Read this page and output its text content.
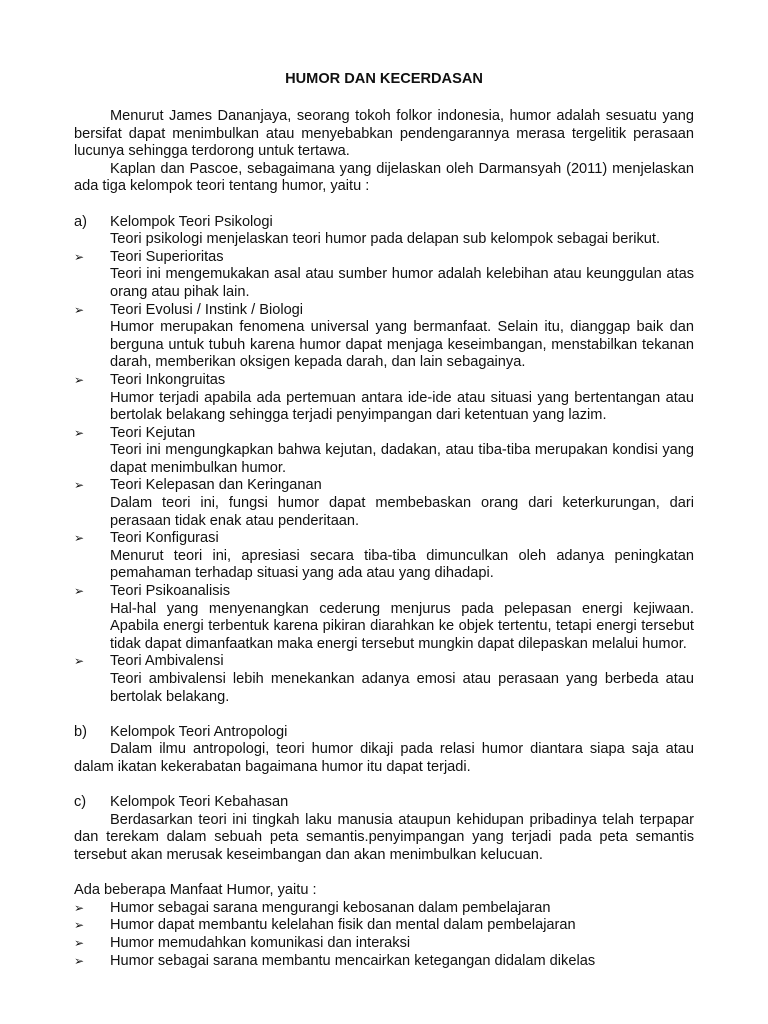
HUMOR DAN KECERDASAN

Menurut James Dananjaya, seorang tokoh folkor indonesia, humor adalah sesuatu yang bersifat dapat menimbulkan atau menyebabkan pendengarannya merasa tergelitik perasaan lucunya sehingga terdorong untuk tertawa.

Kaplan dan Pascoe, sebagaimana yang dijelaskan oleh Darmansyah (2011) menjelaskan ada tiga kelompok teori tentang humor, yaitu :

a)	Kelompok Teori Psikologi

Teori psikologi menjelaskan teori humor pada delapan sub kelompok sebagai berikut.

➢	Teori Superioritas

Teori ini mengemukakan asal atau sumber humor adalah kelebihan atau keunggulan atas orang atau pihak lain.

➢	Teori Evolusi / Instink / Biologi

Humor merupakan fenomena universal yang bermanfaat. Selain itu, dianggap baik dan berguna untuk tubuh karena humor dapat menjaga keseimbangan, menstabilkan tekanan darah, memberikan oksigen kepada darah, dan lain sebagainya.

➢	Teori Inkongruitas

Humor terjadi apabila ada pertemuan antara ide-ide atau situasi yang bertentangan atau bertolak belakang sehingga terjadi penyimpangan dari ketentuan yang lazim.

➢	Teori Kejutan

Teori ini mengungkapkan bahwa kejutan, dadakan, atau tiba-tiba merupakan kondisi yang dapat menimbulkan humor.

➢	Teori Kelepasan dan Keringanan

Dalam teori ini, fungsi humor dapat membebaskan orang dari keterkurungan, dari perasaan tidak enak atau penderitaan.

➢	Teori Konfigurasi

Menurut teori ini, apresiasi secara tiba-tiba dimunculkan oleh adanya peningkatan pemahaman terhadap situasi yang ada atau yang dihadapi.

➢	Teori Psikoanalisis

Hal-hal yang menyenangkan cederung menjurus pada pelepasan energi kejiwaan. Apabila energi terbentuk karena pikiran diarahkan ke objek tertentu, tetapi energi tersebut tidak dapat dimanfaatkan maka energi tersebut mungkin dapat dilepaskan melalui humor.

➢	Teori Ambivalensi

Teori ambivalensi lebih menekankan adanya emosi atau perasaan yang berbeda atau bertolak belakang.

b)	Kelompok Teori Antropologi

Dalam ilmu antropologi, teori humor dikaji pada relasi humor diantara siapa saja atau dalam ikatan kekerabatan bagaimana humor itu dapat terjadi.

c)	Kelompok Teori Kebahasan

Berdasarkan teori ini tingkah laku manusia ataupun kehidupan pribadinya telah terpapar dan terekam dalam sebuah peta semantis.penyimpangan yang terjadi pada peta semantis tersebut akan merusak keseimbangan dan akan menimbulkan kelucuan.

Ada beberapa Manfaat Humor, yaitu :

➢	Humor sebagai sarana mengurangi kebosanan dalam pembelajaran
➢	Humor dapat membantu kelelahan fisik dan mental dalam pembelajaran
➢	Humor memudahkan komunikasi dan interaksi
➢	Humor sebagai sarana membantu mencairkan ketegangan didalam dikelas
